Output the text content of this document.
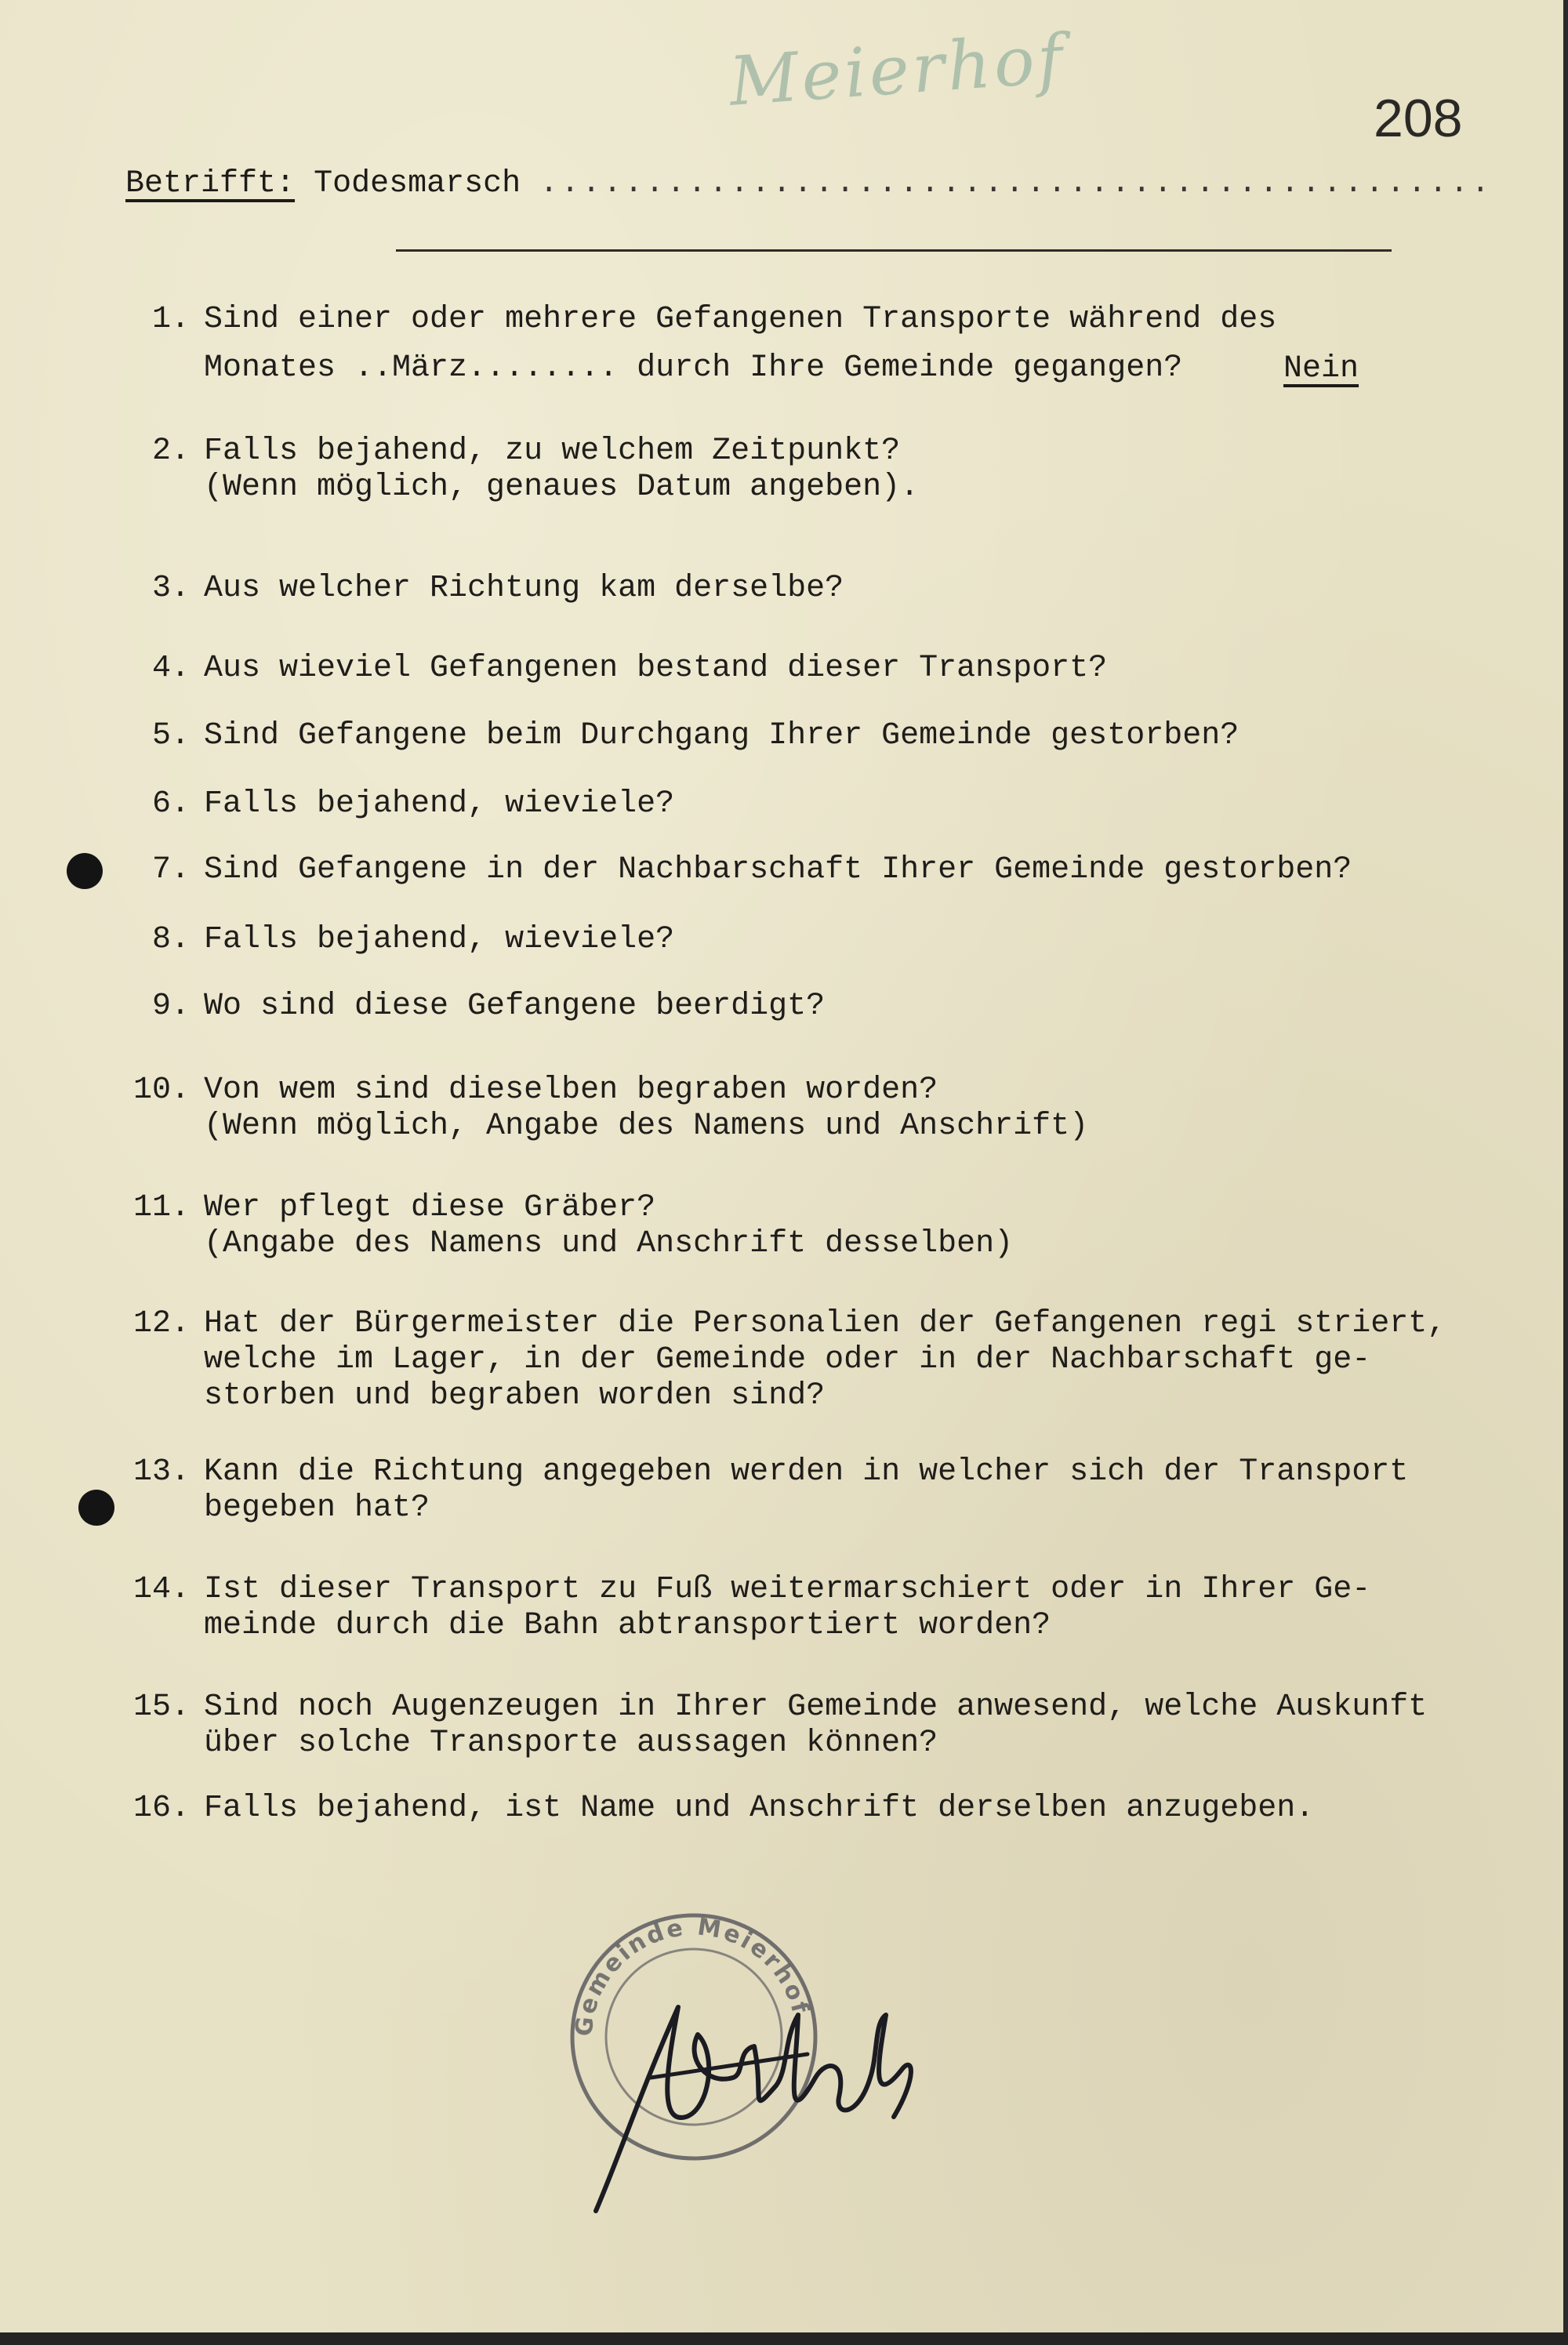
Meierhof	208
Betrifft: Todesmarsch .............................................
1. Sind einer oder mehrere Gefangenen Transporte während des
Monates ..März........ durch Ihre Gemeinde gegangen?	Nein
2. Falls bejahend, zu welchem Zeitpunkt?
(Wenn möglich, genaues Datum angeben).
3. Aus welcher Richtung kam derselbe?
4. Aus wieviel Gefangenen bestand dieser Transport?
5. Sind Gefangene beim Durchgang Ihrer Gemeinde gestorben?
6. Falls bejahend, wieviele?
7. Sind Gefangene in der Nachbarschaft Ihrer Gemeinde gestorben?
8. Falls bejahend, wieviele?
9. Wo sind diese Gefangene beerdigt?
10. Von wem sind dieselben begraben worden?
(Wenn möglich, Angabe des Namens und Anschrift)
11. Wer pflegt diese Gräber?
(Angabe des Namens und Anschrift desselben)
12. Hat der Bürgermeister die Personalien der Gefangenen regi striert,
welche im Lager, in der Gemeinde oder in der Nachbarschaft ge-
storben und begraben worden sind?
13. Kann die Richtung angegeben werden in welcher sich der Transport
begeben hat?
14. Ist dieser Transport zu Fuß weitermarschiert oder in Ihrer Ge-
meinde durch die Bahn abtransportiert worden?
15. Sind noch Augenzeugen in Ihrer Gemeinde anwesend, welche Auskunft
über solche Transporte aussagen können?
16. Falls bejahend, ist Name und Anschrift derselben anzugeben.
Gemeinde Meierhof
Stakrh
